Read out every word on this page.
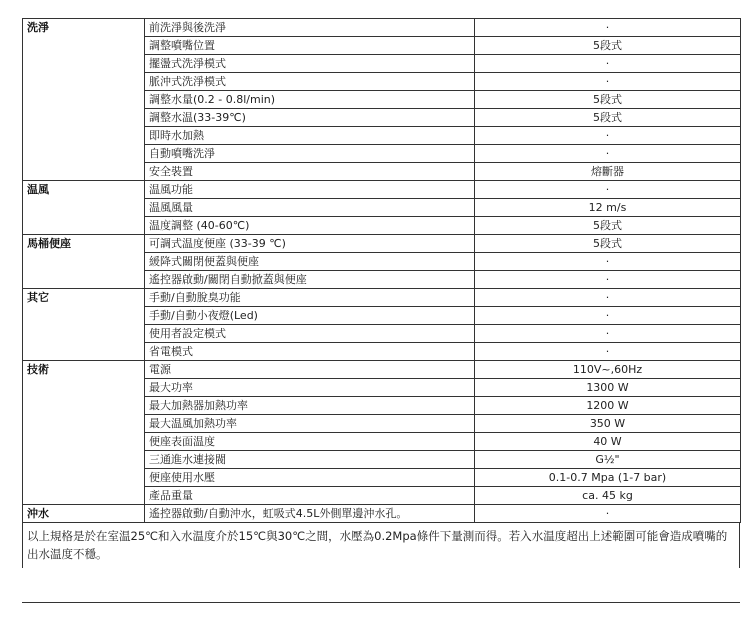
洗淨	前洗淨與後洗淨	·
	調整噴嘴位置	5段式
	擺盪式洗淨模式	·
	脈沖式洗淨模式	·
	調整水量(0.2 - 0.8l/min)	5段式
	調整水温(33-39℃)	5段式
	即時水加熱	·
	自動噴嘴洗淨	·
	安全裝置	熔斷器
温風	温風功能	·
	温風風量	12 m/s
	温度調整 (40-60℃)	5段式
馬桶便座	可調式温度便座 (33-39 ℃)	5段式
	緩降式關閉便蓋與便座	·
	遙控器啟動/關閉自動掀蓋與便座	·
其它	手動/自動脫臭功能	·
	手動/自動小夜燈(Led)	·
	使用者設定模式	·
	省電模式	·
技術	電源	110V~,60Hz
	最大功率	1300 W
	最大加熱器加熱功率	1200 W
	最大温風加熱功率	350 W
	便座表面温度	40 W
	三通進水連接閥	G½"
	便座使用水壓	0.1-0.7 Mpa (1-7 bar)
	產品重量	ca. 45 kg
沖水	遙控器啟動/自動沖水，虹吸式4.5L外側單邊沖水孔。	·
以上規格是於在室温25℃和入水温度介於15℃與30℃之間，水壓為0.2Mpa條件下量測而得。若入水温度超出上述範圍可能會造成噴嘴的出水温度不穩。
